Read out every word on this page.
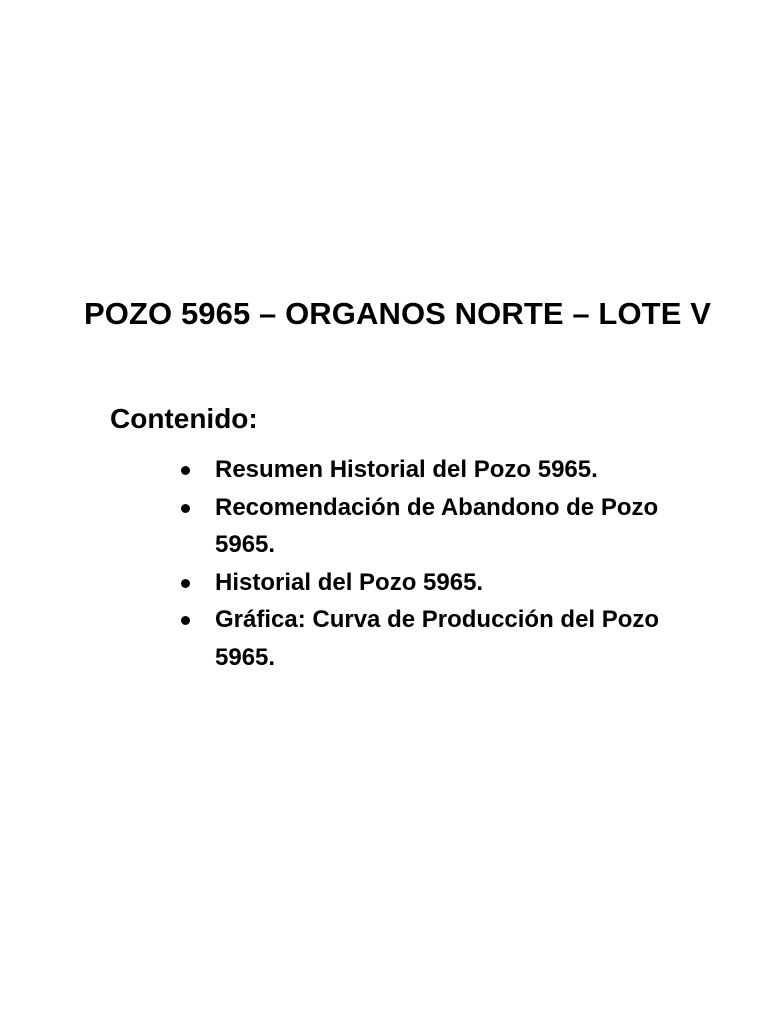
POZO 5965 – ORGANOS NORTE – LOTE V
Contenido:
Resumen Historial del Pozo 5965.
Recomendación de Abandono de Pozo 5965.
Historial del Pozo 5965.
Gráfica: Curva de Producción del Pozo 5965.
